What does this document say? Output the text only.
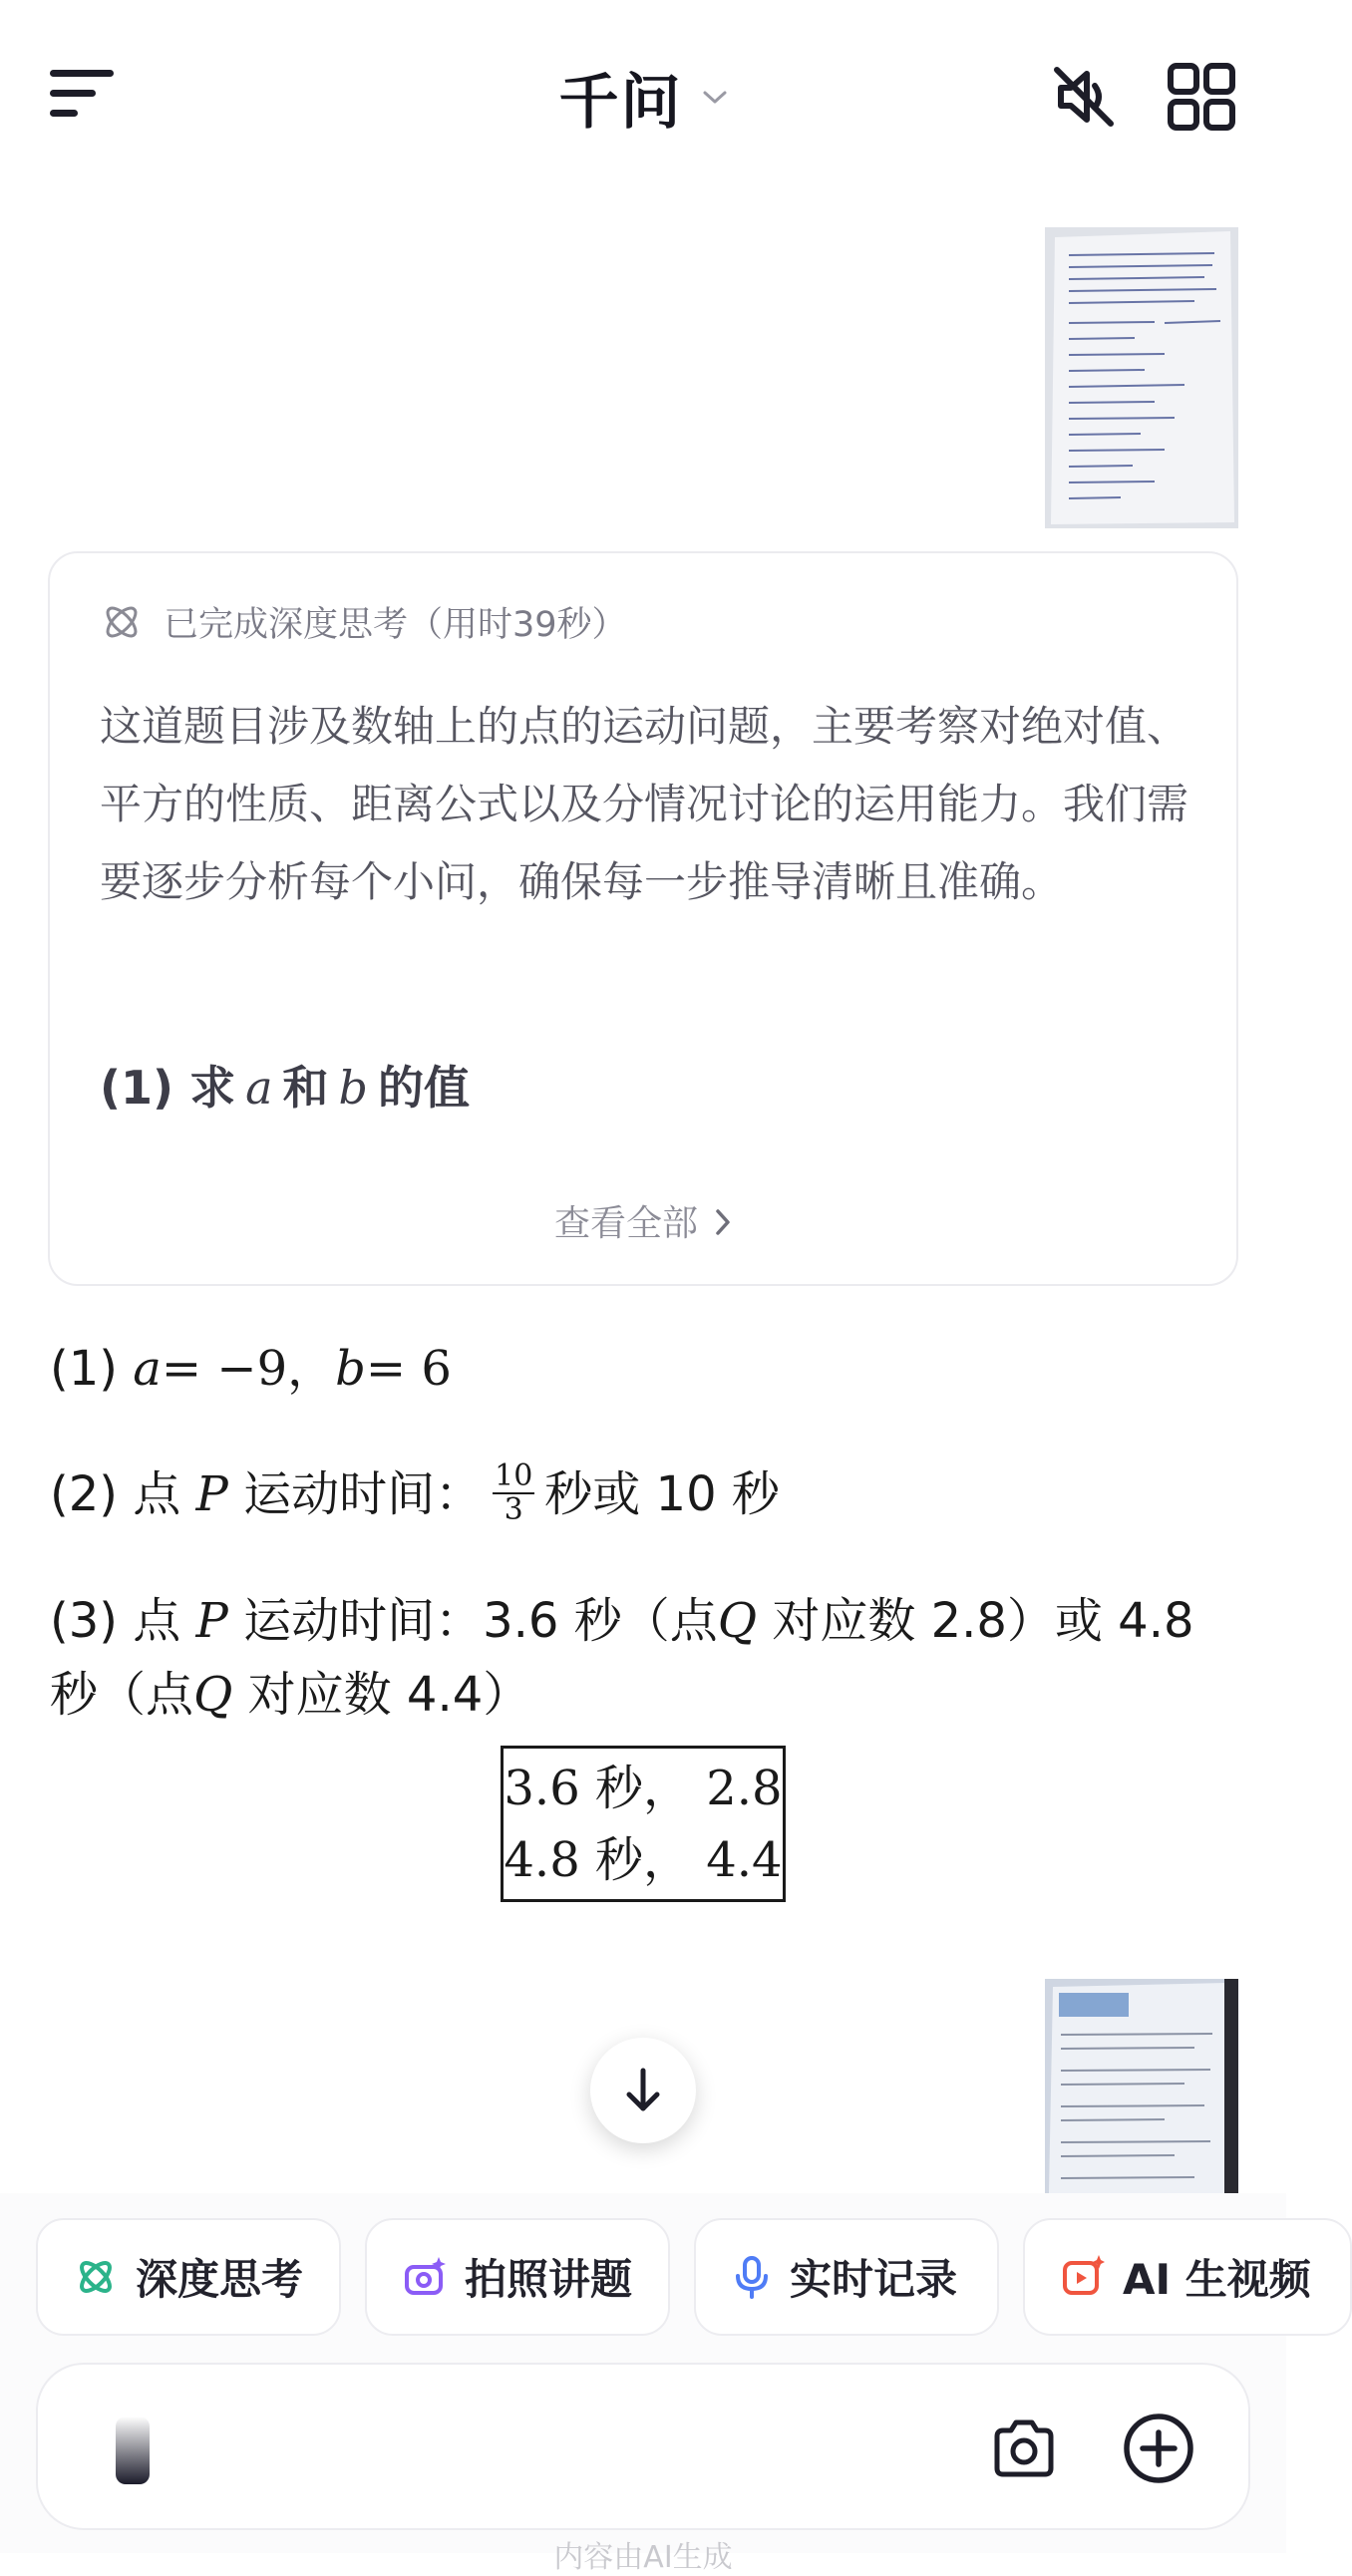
千问
已完成深度思考（用时39秒）
这道题目涉及数轴上的点的运动问题，主要考察对绝对值、平方的性质、距离公式以及分情况讨论的运用能力。我们需要逐步分析每个小问，确保每一步推导清晰且准确。
(1) 求 a 和 b 的值
查看全部
(1) a= −9，b= 6
(2) 点 P 运动时间： $\frac{10}{3}$ 秒或 10 秒
(3) 点 P 运动时间：3.6 秒（点Q 对应数 2.8）或 4.8 秒（点Q 对应数 4.4）
3.6 秒， 2.8
4.8 秒， 4.4
深度思考	拍照讲题	实时记录	AI 生视频
内容由AI生成
